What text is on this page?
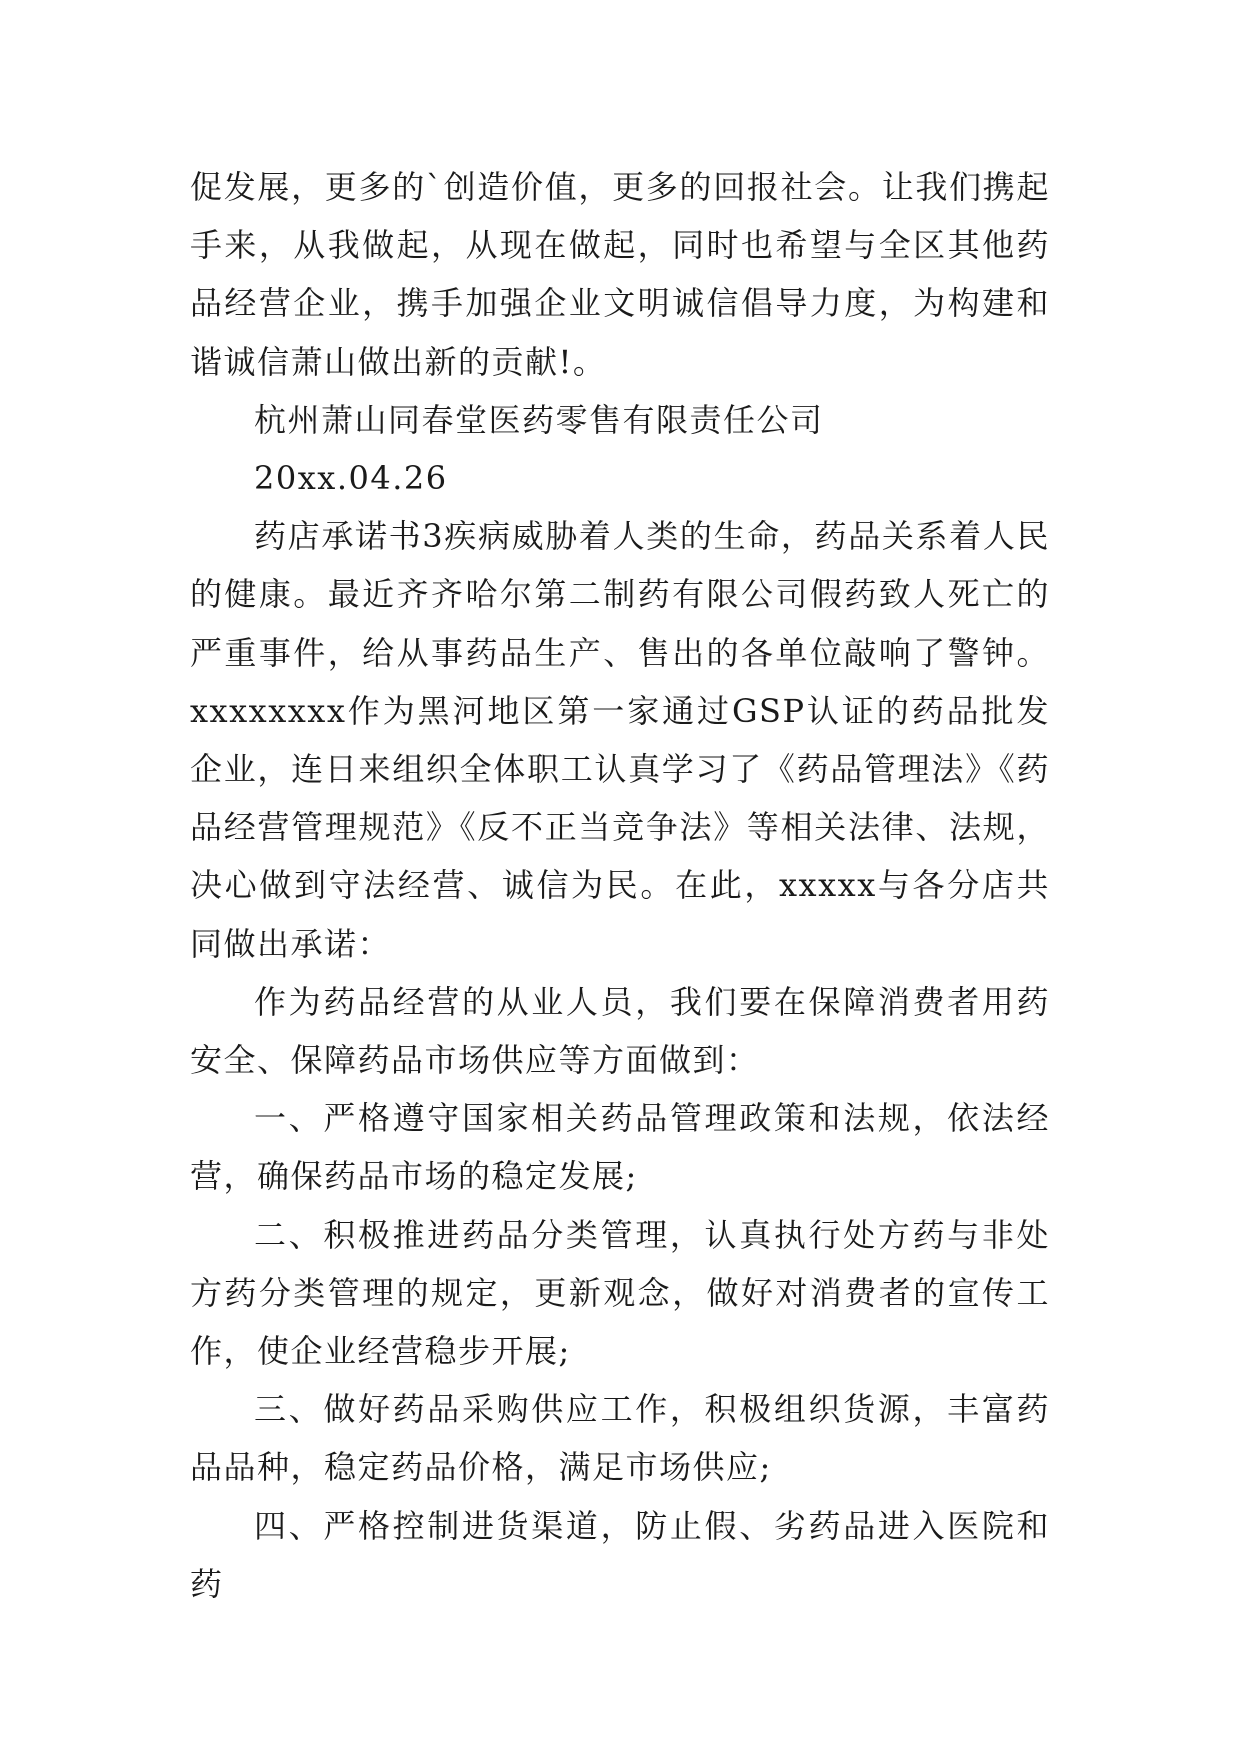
促发展，更多的`创造价值，更多的回报社会。让我们携起手来，从我做起，从现在做起，同时也希望与全区其他药品经营企业，携手加强企业文明诚信倡导力度，为构建和谐诚信萧山做出新的贡献!。

杭州萧山同春堂医药零售有限责任公司

20xx.04.26

药店承诺书3疾病威胁着人类的生命，药品关系着人民的健康。最近齐齐哈尔第二制药有限公司假药致人死亡的严重事件，给从事药品生产、售出的各单位敲响了警钟。xxxxxxxx作为黑河地区第一家通过GSP认证的药品批发企业，连日来组织全体职工认真学习了《药品管理法》《药品经营管理规范》《反不正当竞争法》等相关法律、法规，决心做到守法经营、诚信为民。在此，xxxxx与各分店共同做出承诺：

作为药品经营的从业人员，我们要在保障消费者用药安全、保障药品市场供应等方面做到：

一、严格遵守国家相关药品管理政策和法规，依法经营，确保药品市场的稳定发展;

二、积极推进药品分类管理，认真执行处方药与非处方药分类管理的规定，更新观念，做好对消费者的宣传工作，使企业经营稳步开展;

三、做好药品采购供应工作，积极组织货源，丰富药品品种，稳定药品价格，满足市场供应;

四、严格控制进货渠道，防止假、劣药品进入医院和药
